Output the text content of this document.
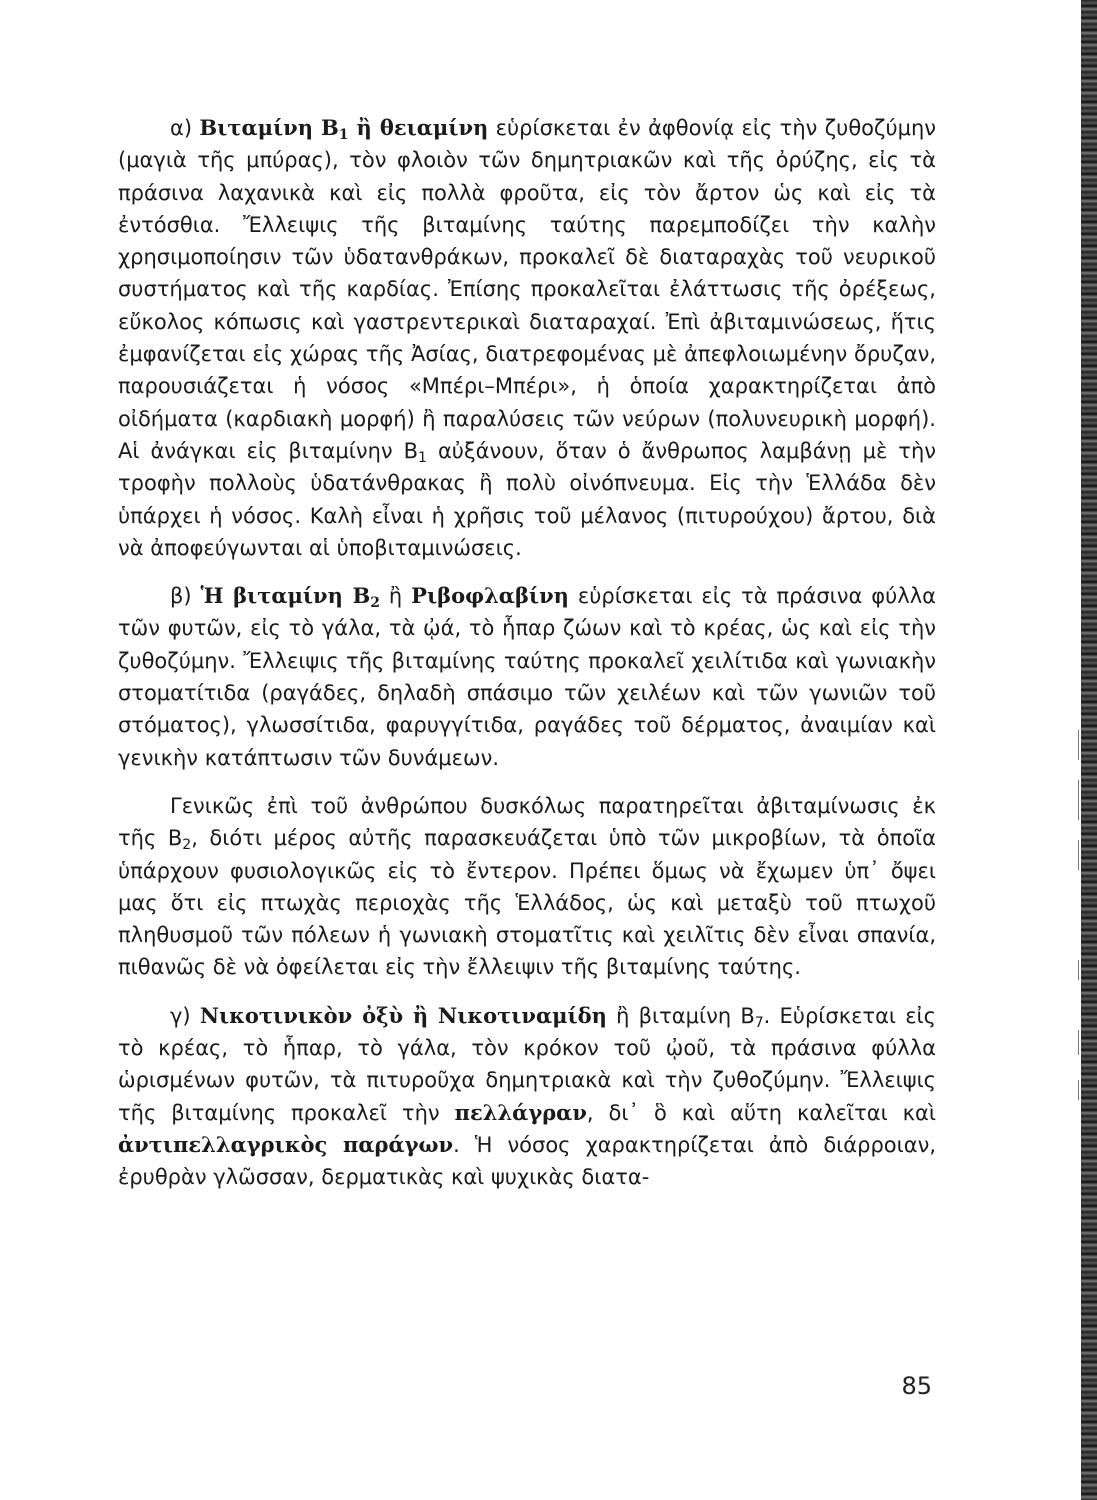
α) Βιταμίνη $B_1$ ἢ θειαμίνη εὑρίσκεται ἐν ἀφθονίᾳ εἰς τὴν ζυθοζύμην (μαγιὰ τῆς μπύρας), τὸν φλοιὸν τῶν δημητριακῶν καὶ τῆς ὀρύζης, εἰς τὰ πράσινα λαχανικὰ καὶ εἰς πολλὰ φροῦτα, εἰς τὸν ἄρτον ὡς καὶ εἰς τὰ ἐντόσθια. Ἔλλειψις τῆς βιταμίνης ταύτης παρεμποδίζει τὴν καλὴν χρησιμοποίησιν τῶν ὑδατανθράκων, προκαλεῖ δὲ διαταραχὰς τοῦ νευρικοῦ συστήματος καὶ τῆς καρδίας. Ἐπίσης προκαλεῖται ἐλάττωσις τῆς ὀρέξεως, εὔκολος κόπωσις καὶ γαστρεντερικαὶ διαταραχαί. Ἐπὶ ἀβιταμινώσεως, ἥτις ἐμφανίζεται εἰς χώρας τῆς Ἀσίας, διατρεφομένας μὲ ἀπεφλοιωμένην ὄρυζαν, παρουσιάζεται ἡ νόσος «Μπέρι–Μπέρι», ἡ ὁποία χαρακτηρίζεται ἀπὸ οἰδήματα (καρδιακὴ μορφή) ἢ παραλύσεις τῶν νεύρων (πολυνευρικὴ μορφή). Αἱ ἀνάγκαι εἰς βιταμίνην $B_1$ αὐξάνουν, ὅταν ὁ ἄνθρωπος λαμβάνῃ μὲ τὴν τροφὴν πολλοὺς ὑδατάνθρακας ἢ πολὺ οἰνόπνευμα. Εἰς τὴν Ἑλλάδα δὲν ὑπάρχει ἡ νόσος. Καλὴ εἶναι ἡ χρῆσις τοῦ μέλανος (πιτυρούχου) ἄρτου, διὰ νὰ ἀποφεύγωνται αἱ ὑποβιταμινώσεις.

β) Ἡ βιταμίνη $B_2$ ἢ Ριβοφλαβίνη εὑρίσκεται εἰς τὰ πράσινα φύλλα τῶν φυτῶν, εἰς τὸ γάλα, τὰ ᾠά, τὸ ἧπαρ ζώων καὶ τὸ κρέας, ὡς καὶ εἰς τὴν ζυθοζύμην. Ἔλλειψις τῆς βιταμίνης ταύτης προκαλεῖ χειλίτιδα καὶ γωνιακὴν στοματίτιδα (ραγάδες, δηλαδὴ σπάσιμο τῶν χειλέων καὶ τῶν γωνιῶν τοῦ στόματος), γλωσσίτιδα, φαρυγγίτιδα, ραγάδες τοῦ δέρματος, ἀναιμίαν καὶ γενικὴν κατάπτωσιν τῶν δυνάμεων.

Γενικῶς ἐπὶ τοῦ ἀνθρώπου δυσκόλως παρατηρεῖται ἀβιταμίνωσις ἐκ τῆς $B_2$, διότι μέρος αὐτῆς παρασκευάζεται ὑπὸ τῶν μικροβίων, τὰ ὁποῖα ὑπάρχουν φυσιολογικῶς εἰς τὸ ἔντερον. Πρέπει ὅμως νὰ ἔχωμεν ὑπ᾽ ὄψει μας ὅτι εἰς πτωχὰς περιοχὰς τῆς Ἑλλάδος, ὡς καὶ μεταξὺ τοῦ πτωχοῦ πληθυσμοῦ τῶν πόλεων ἡ γωνιακὴ στοματῖτις καὶ χειλῖτις δὲν εἶναι σπανία, πιθανῶς δὲ νὰ ὀφείλεται εἰς τὴν ἔλλειψιν τῆς βιταμίνης ταύτης.

γ) Νικοτινικὸν ὀξὺ ἢ Νικοτιναμίδη ἢ βιταμίνη $B_7$. Εὑρίσκεται εἰς τὸ κρέας, τὸ ἧπαρ, τὸ γάλα, τὸν κρόκον τοῦ ᾠοῦ, τὰ πράσινα φύλλα ὡρισμένων φυτῶν, τὰ πιτυροῦχα δημητριακὰ καὶ τὴν ζυθοζύμην. Ἔλλειψις τῆς βιταμίνης προκαλεῖ τὴν πελλάγραν, δι᾽ ὃ καὶ αὕτη καλεῖται καὶ ἀντιπελλαγρικὸς παράγων. Ἡ νόσος χαρακτηρίζεται ἀπὸ διάρροιαν, ἐρυθρὰν γλῶσσαν, δερματικὰς καὶ ψυχικὰς διατα-

85
